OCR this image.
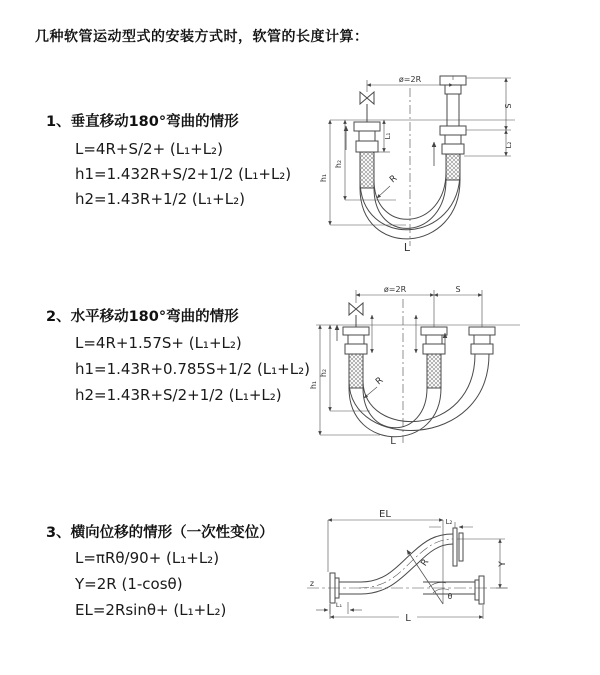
几种软管运动型式的安装方式时，软管的长度计算：
1、垂直移动180°弯曲的情形
L=4R+S/2+ (L₁+L₂)
h1=1.432R+S/2+1/2 (L₁+L₂)
h2=1.43R+1/2 (L₁+L₂)
2、水平移动180°弯曲的情形
L=4R+1.57S+ (L₁+L₂)
h1=1.43R+0.785S+1/2 (L₁+L₂)
h2=1.43R+S/2+1/2 (L₁+L₂)
3、横向位移的情形（一次性变位）
L=πRθ/90+ (L₁+L₂)
Y=2R (1-cosθ)
EL=2Rsinθ+ (L₁+L₂)
ø=2R
S
L₂
L₁
h₁
h₂
R
L
ø=2R	S
h₁
h₂
R
L
EL
L₂
Y
R
θ
L₁
L
z
